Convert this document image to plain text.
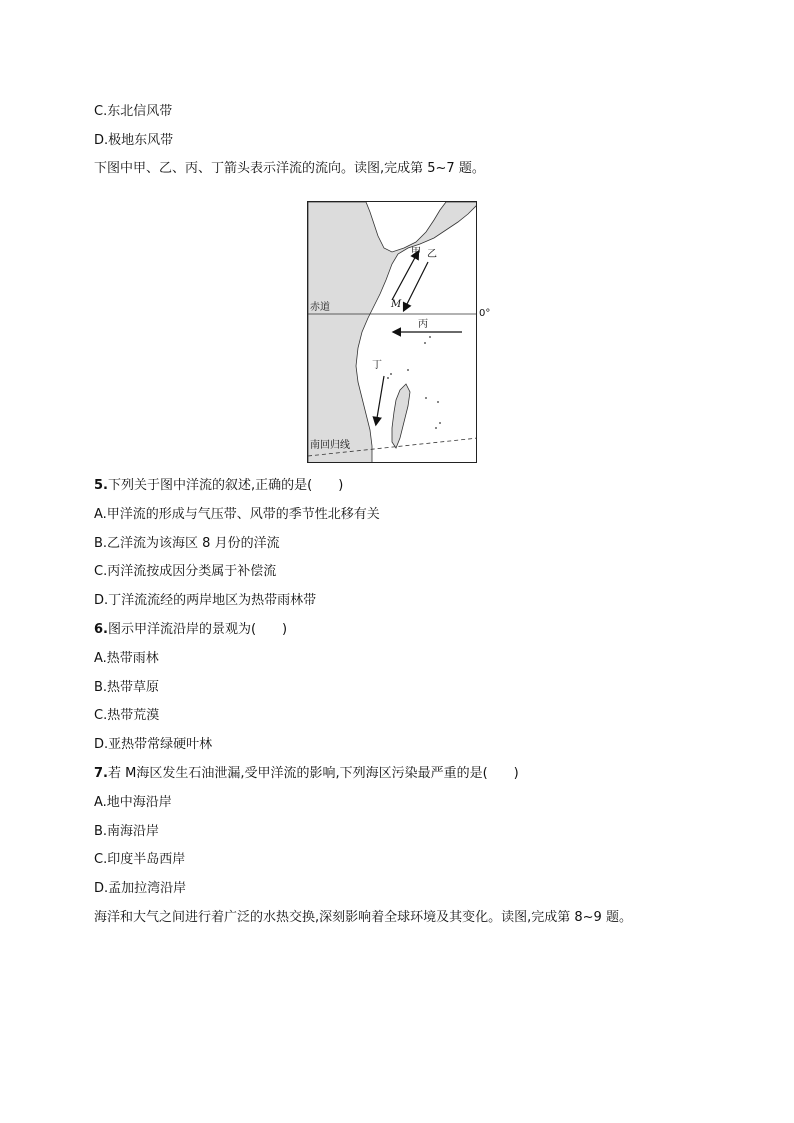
C.东北信风带
D.极地东风带
下图中甲、乙、丙、丁箭头表示洋流的流向。读图,完成第 5~7 题。
甲 乙
M
赤道
丙
丁
南回归线
0°
5.下列关于图中洋流的叙述,正确的是(　　)
A.甲洋流的形成与气压带、风带的季节性北移有关
B.乙洋流为该海区 8 月份的洋流
C.丙洋流按成因分类属于补偿流
D.丁洋流流经的两岸地区为热带雨林带
6.图示甲洋流沿岸的景观为(　　)
A.热带雨林
B.热带草原
C.热带荒漠
D.亚热带常绿硬叶林
7.若 M海区发生石油泄漏,受甲洋流的影响,下列海区污染最严重的是(　　)
A.地中海沿岸
B.南海沿岸
C.印度半岛西岸
D.孟加拉湾沿岸
海洋和大气之间进行着广泛的水热交换,深刻影响着全球环境及其变化。读图,完成第 8~9 题。
